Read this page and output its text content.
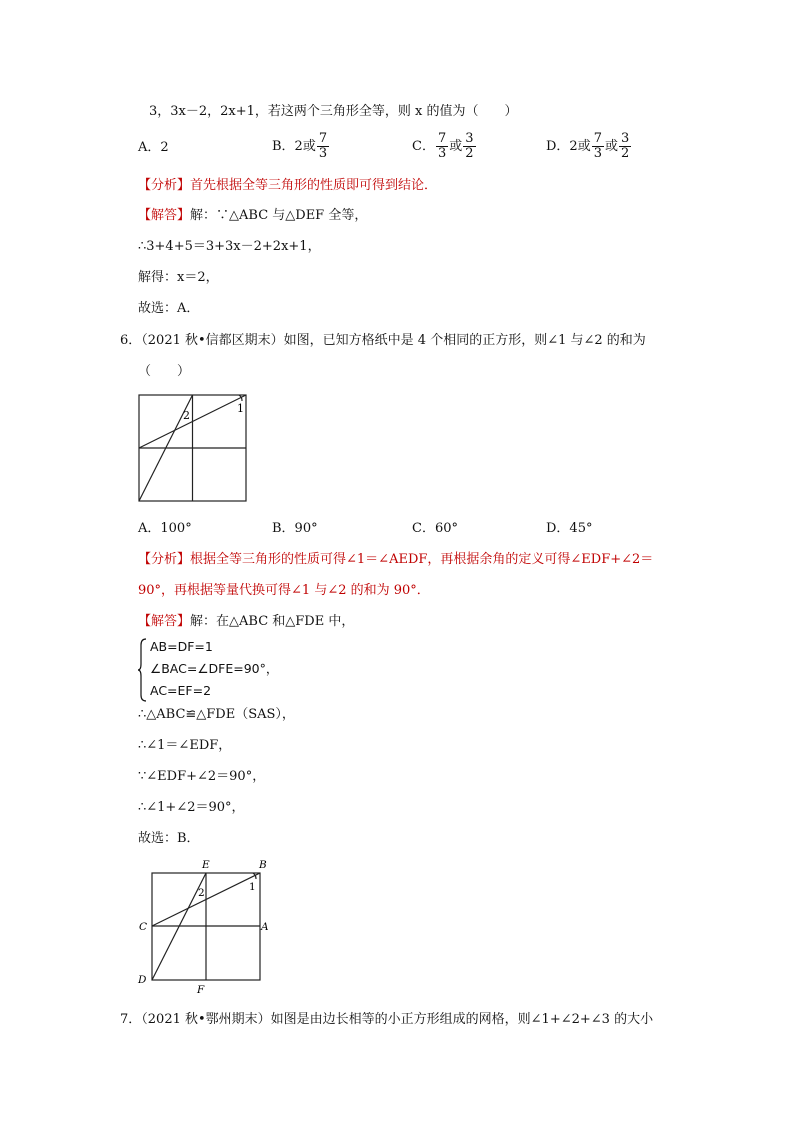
3，3x－2，2x+1，若这两个三角形全等，则 x 的值为（　　）
A．2	B．2或 $\frac{7}{3}$	C． $\frac{7}{3}$ 或 $\frac{3}{2}$	D．2或 $\frac{7}{3}$ 或 $\frac{3}{2}$
【分析】首先根据全等三角形的性质即可得到结论．
【解答】解：∵△ABC 与△DEF 全等，
∴3+4+5＝3+3x－2+2x+1，
解得：x＝2，
故选：A．
6．（2021 秋•信都区期末）如图，已知方格纸中是 4 个相同的正方形，则∠1 与∠2 的和为
（　　）
1
2
A．100°	B．90°	C．60°	D．45°
【分析】根据全等三角形的性质可得∠1＝∠AEDF，再根据余角的定义可得∠EDF+∠2＝
90°，再根据等量代换可得∠1 与∠2 的和为 90°．
【解答】解：在△ABC 和△FDE 中，
AB=DF=1
∠BAC=∠DFE=90°，
AC=EF=2
∴△ABC≌△FDE（SAS），
∴∠1＝∠EDF，
∵∠EDF+∠2＝90°，
∴∠1+∠2＝90°，
故选：B．
E	B
C	A
D
F
1
2
7．（2021 秋•鄂州期末）如图是由边长相等的小正方形组成的网格，则∠1+∠2+∠3 的大小
